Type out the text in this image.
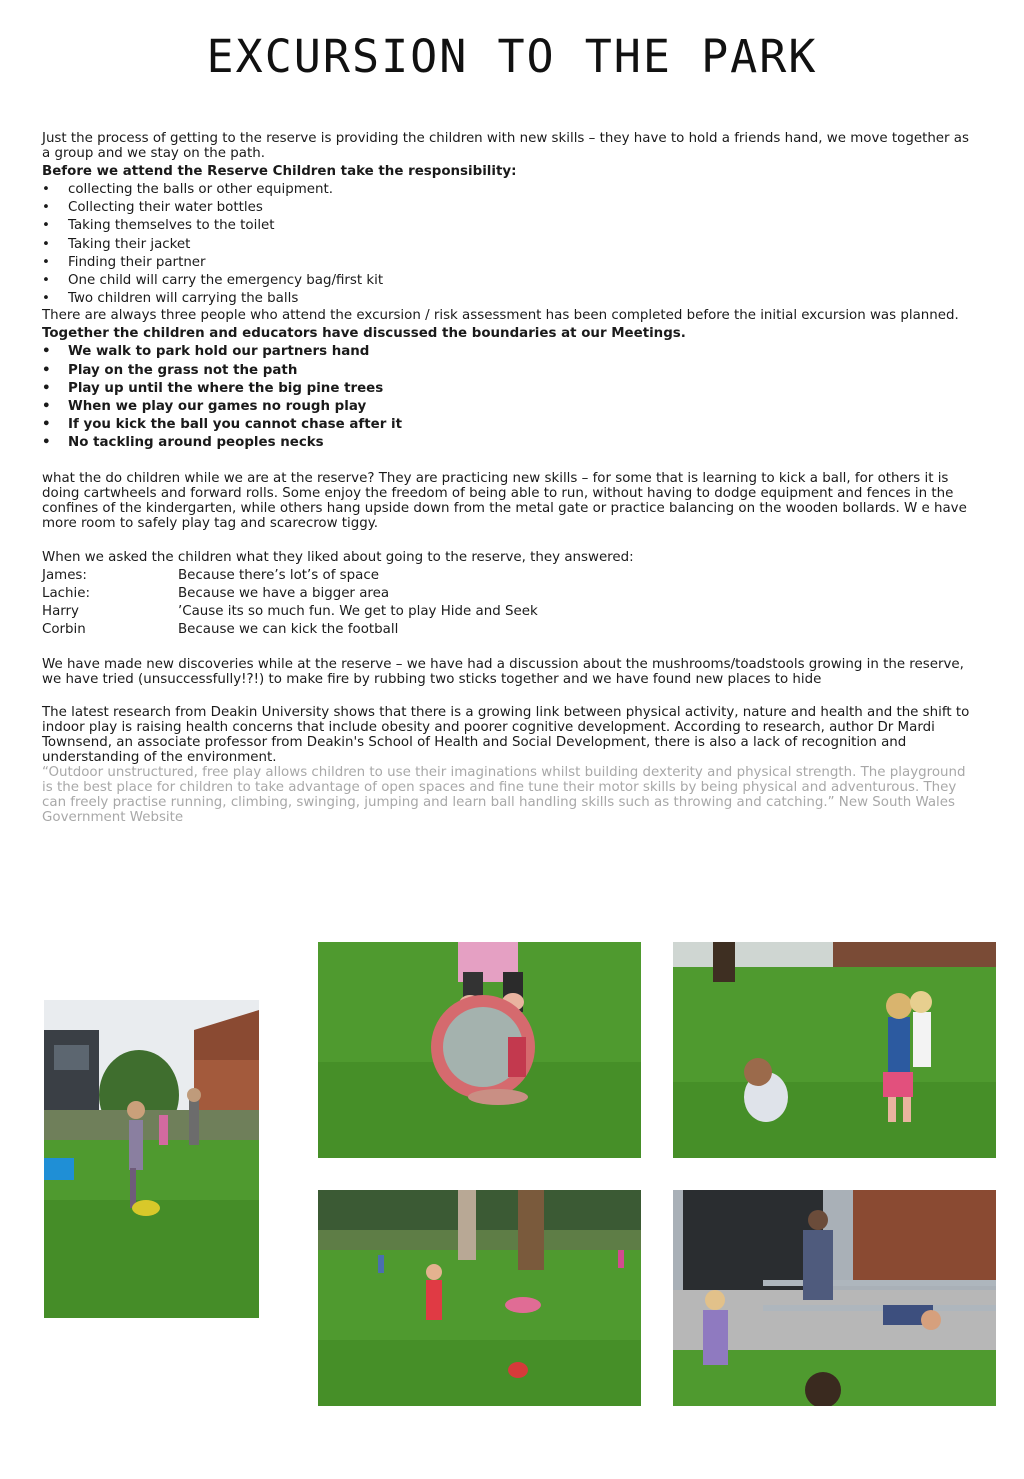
EXCURSION TO THE PARK

Just the process of getting to the reserve is providing the children with new skills – they have to hold a friends hand, we move together as a group and we stay on the path.

Before we attend the Reserve Children take the responsibility:

• collecting the balls or other equipment.
• Collecting their water bottles
• Taking themselves to the toilet
• Taking their jacket
• Finding their partner
• One child will carry the emergency bag/first kit
• Two children will carrying the balls

There are always three people who attend the excursion / risk assessment has been completed before the initial excursion was planned.

Together the children and educators have discussed the boundaries at our Meetings.

• We walk to park hold our partners hand
• Play on the grass not the path
• Play up until the where the big pine trees
• When we play our games no rough play
• If you kick the ball you cannot chase after it
• No tackling around peoples necks

what the do children while we are at the reserve? They are practicing new skills – for some that is learning to kick a ball, for others it is doing cartwheels and forward rolls. Some enjoy the freedom of being able to run, without having to dodge equipment and fences in the confines of the kindergarten, while others hang upside down from the metal gate or practice balancing on the wooden bollards. W e have more room to safely play tag and scarecrow tiggy.

When we asked the children what they liked about going to the reserve, they answered:

James:	Because there’s lot’s of space
Lachie:	Because we have a bigger area
Harry	’Cause its so much fun. We get to play Hide and Seek
Corbin	Because we can kick the football

We have made new discoveries while at the reserve – we have had a discussion about the mushrooms/toadstools growing in the reserve, we have tried (unsuccessfully!?!) to make fire by rubbing two sticks together and we have found new places to hide

The latest research from Deakin University shows that there is a growing link between physical activity, nature and health and the shift to indoor play is raising health concerns that include obesity and poorer cognitive development. According to research, author Dr Mardi Townsend, an associate professor from Deakin's School of Health and Social Development, there is also a lack of recognition and understanding of the environment.

“Outdoor unstructured, free play allows children to use their imaginations whilst building dexterity and physical strength. The playground is the best place for children to take advantage of open spaces and fine tune their motor skills by being physical and adventurous. They can freely practise running, climbing, swinging, jumping and learn ball handling skills such as throwing and catching.” New South Wales Government Website
